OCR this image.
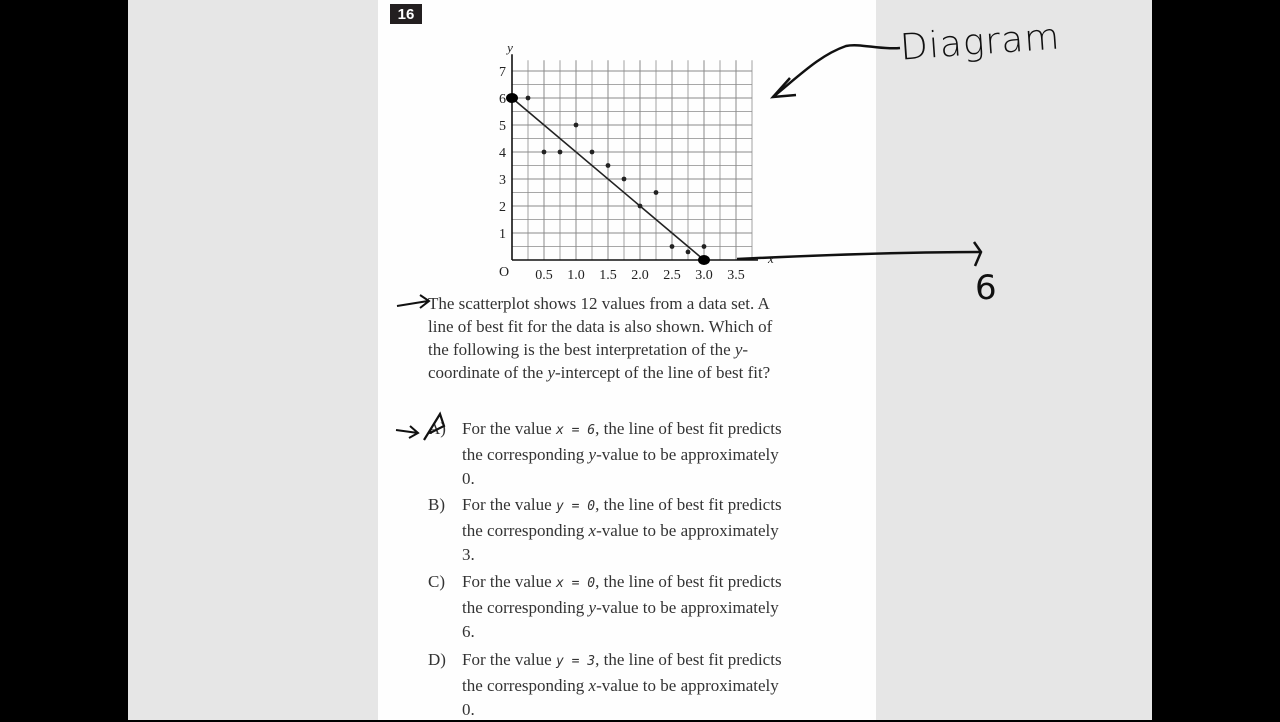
16
0.5 1.0 1.5 2.0 2.5 3.0 3.5
1
2
3
4
5
6
7
O
y
x
The scatterplot shows 12 values from a data set. A line of best fit for the data is also shown. Which of the following is the best interpretation of the y-coordinate of the y-intercept of the line of best fit?
A) For the value x = 6, the line of best fit predicts the corresponding y-value to be approximately 0.
B) For the value y = 0, the line of best fit predicts the corresponding x-value to be approximately 3.
C) For the value x = 0, the line of best fit predicts the corresponding y-value to be approximately 6.
D) For the value y = 3, the line of best fit predicts the corresponding x-value to be approximately 0.
Diagram
6
